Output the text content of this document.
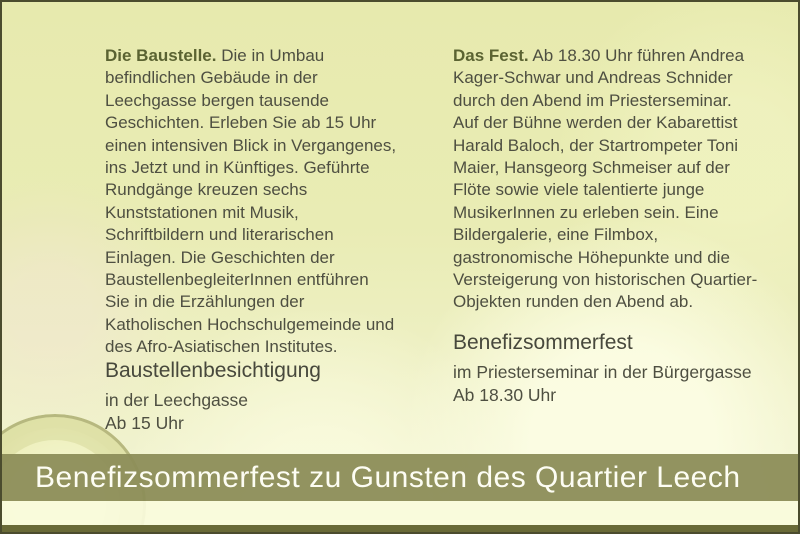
Die Baustelle. Die in Umbau befindlichen Gebäude in der Leechgasse bergen tausende Geschichten. Erleben Sie ab 15 Uhr einen intensiven Blick in Vergangenes, ins Jetzt und in Künftiges. Geführte Rundgänge kreuzen sechs Kunststationen mit Musik, Schriftbildern und literarischen Einlagen. Die Geschichten der BaustellenbegleiterInnen entführen Sie in die Erzählungen der Katholischen Hochschulgemeinde und des Afro-Asiatischen Institutes.

Baustellenbesichtigung
in der Leechgasse
Ab 15 Uhr

Das Fest. Ab 18.30 Uhr führen Andrea Kager-Schwar und Andreas Schnider durch den Abend im Priesterseminar. Auf der Bühne werden der Kabarettist Harald Baloch, der Startrompeter Toni Maier, Hansgeorg Schmeiser auf der Flöte sowie viele talentierte junge MusikerInnen zu erleben sein. Eine Bildergalerie, eine Filmbox, gastronomische Höhepunkte und die Versteigerung von historischen Quartier-Objekten runden den Abend ab.

Benefizsommerfest
im Priesterseminar in der Bürgergasse
Ab 18.30 Uhr
Benefizsommerfest zu Gunsten des Quartier Leech
